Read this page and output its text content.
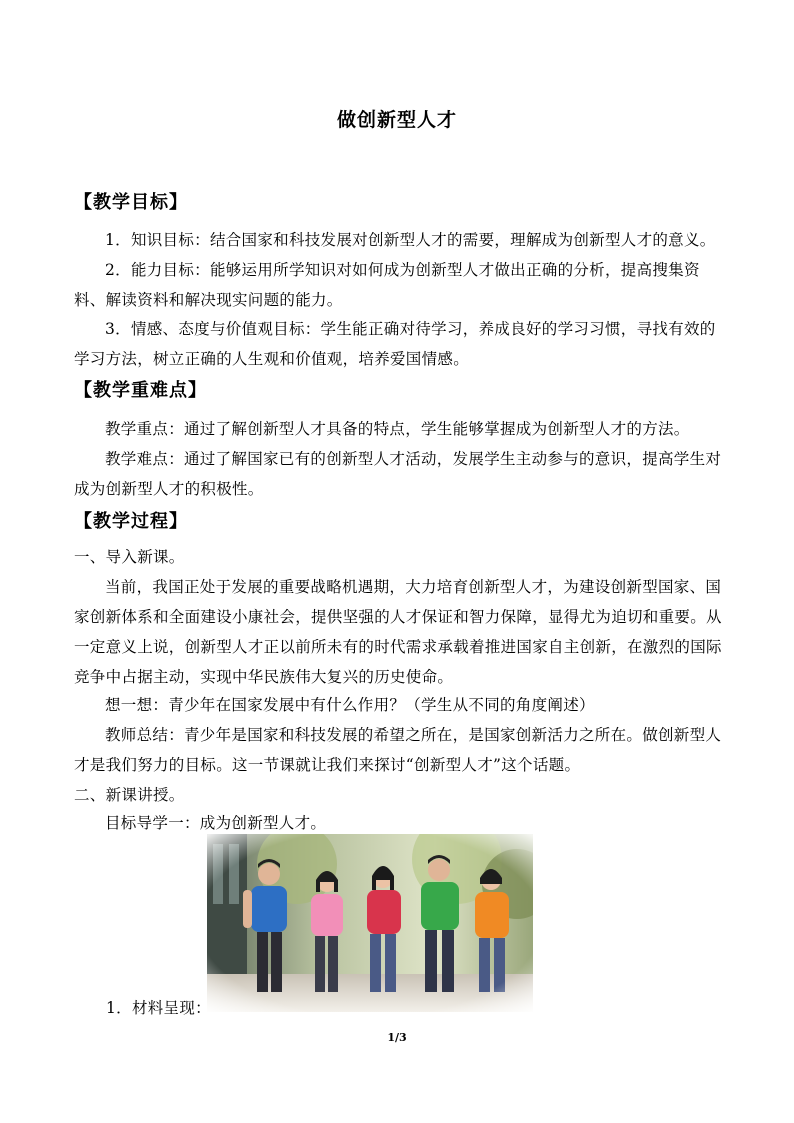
做创新型人才
【教学目标】
1．知识目标：结合国家和科技发展对创新型人才的需要，理解成为创新型人才的意义。
2．能力目标：能够运用所学知识对如何成为创新型人才做出正确的分析，提高搜集资料、解读资料和解决现实问题的能力。
3．情感、态度与价值观目标：学生能正确对待学习，养成良好的学习习惯，寻找有效的学习方法，树立正确的人生观和价值观，培养爱国情感。
【教学重难点】
教学重点：通过了解创新型人才具备的特点，学生能够掌握成为创新型人才的方法。
教学难点：通过了解国家已有的创新型人才活动，发展学生主动参与的意识，提高学生对成为创新型人才的积极性。
【教学过程】
一、导入新课。
当前，我国正处于发展的重要战略机遇期，大力培育创新型人才，为建设创新型国家、国家创新体系和全面建设小康社会，提供坚强的人才保证和智力保障，显得尤为迫切和重要。从一定意义上说，创新型人才正以前所未有的时代需求承载着推进国家自主创新，在激烈的国际竞争中占据主动，实现中华民族伟大复兴的历史使命。
想一想：青少年在国家发展中有什么作用？（学生从不同的角度阐述）
教师总结：青少年是国家和科技发展的希望之所在，是国家创新活力之所在。做创新型人才是我们努力的目标。这一节课就让我们来探讨“创新型人才”这个话题。
二、新课讲授。
目标导学一：成为创新型人才。
1．材料呈现：
1/3
